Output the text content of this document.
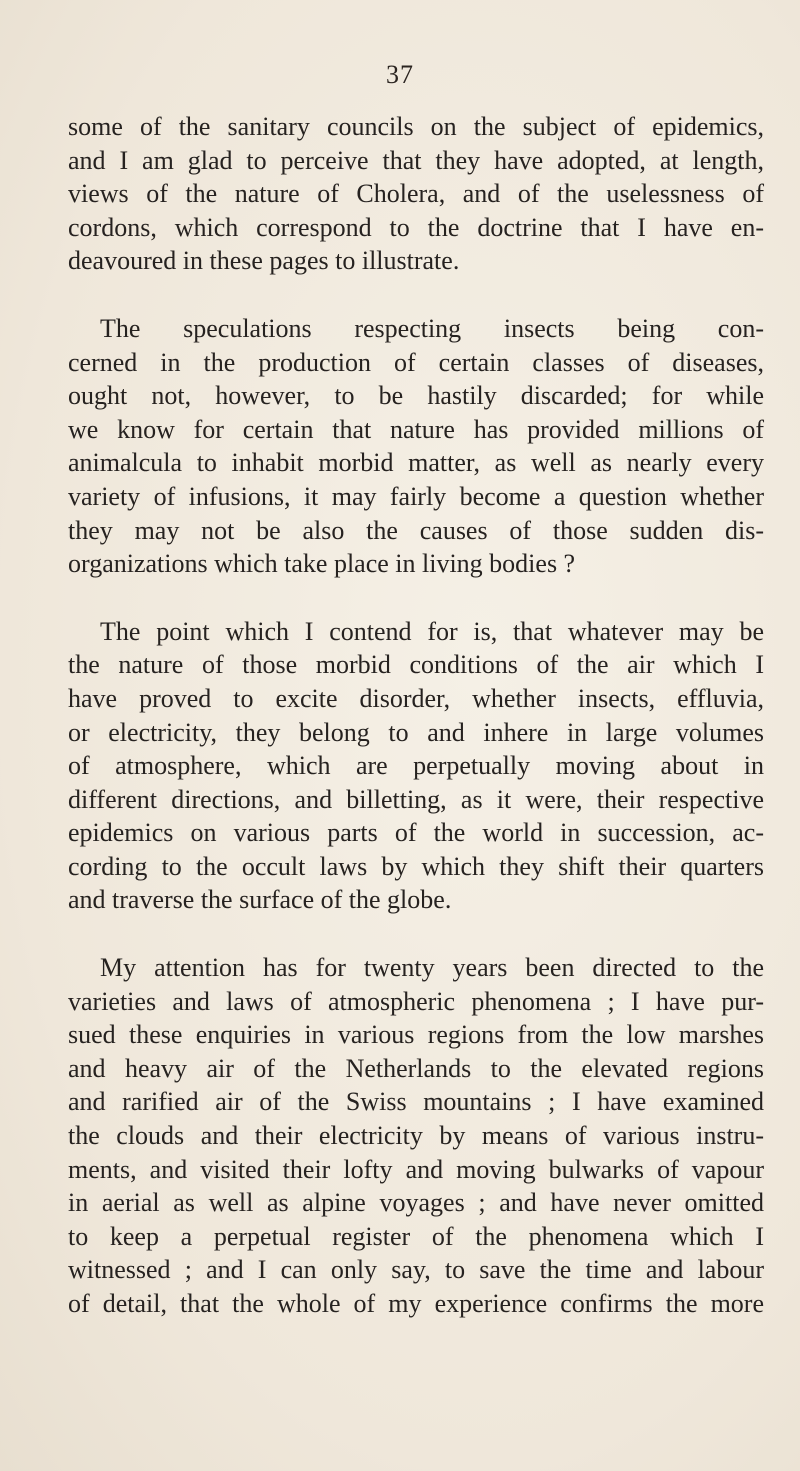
37

some of the sanitary councils on the subject of epidemics,
and I am glad to perceive that they have adopted, at length,
views of the nature of Cholera, and of the uselessness of
cordons, which correspond to the doctrine that I have en-
deavoured in these pages to illustrate.

The speculations respecting insects being con-
cerned in the production of certain classes of diseases,
ought not, however, to be hastily discarded; for while
we know for certain that nature has provided millions of
animalcula to inhabit morbid matter, as well as nearly every
variety of infusions, it may fairly become a question whether
they may not be also the causes of those sudden dis-
organizations which take place in living bodies ?

The point which I contend for is, that whatever may be
the nature of those morbid conditions of the air which I
have proved to excite disorder, whether insects, effluvia,
or electricity, they belong to and inhere in large volumes
of atmosphere, which are perpetually moving about in
different directions, and billetting, as it were, their respective
epidemics on various parts of the world in succession, ac-
cording to the occult laws by which they shift their quarters
and traverse the surface of the globe.

My attention has for twenty years been directed to the
varieties and laws of atmospheric phenomena ; I have pur-
sued these enquiries in various regions from the low marshes
and heavy air of the Netherlands to the elevated regions
and rarified air of the Swiss mountains ; I have examined
the clouds and their electricity by means of various instru-
ments, and visited their lofty and moving bulwarks of vapour
in aerial as well as alpine voyages ; and have never omitted
to keep a perpetual register of the phenomena which I
witnessed ; and I can only say, to save the time and labour
of detail, that the whole of my experience confirms the more
